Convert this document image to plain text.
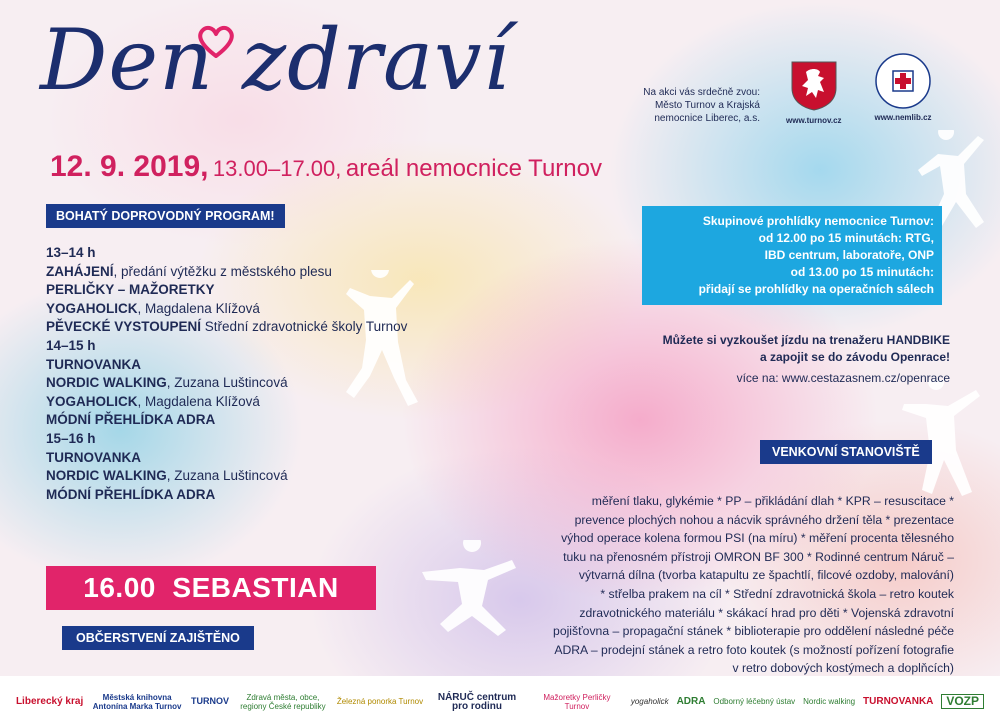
Den zdraví
12. 9. 2019, 13.00–17.00, areál nemocnice Turnov
Na akci vás srdečně zvou:
Město Turnov a Krajská
nemocnice Liberec, a.s.	www.turnov.cz	www.nemlib.cz
BOHATÝ DOPROVODNÝ PROGRAM!
13–14 h
ZAHÁJENÍ, předání výtěžku z městského plesu
PERLIČKY – MAŽORETKY
YOGAHOLICK, Magdalena Klížová
PĚVECKÉ VYSTOUPENÍ Střední zdravotnické školy Turnov
14–15 h
TURNOVANKA
NORDIC WALKING, Zuzana Luštincová
YOGAHOLICK, Magdalena Klížová
MÓDNÍ PŘEHLÍDKA ADRA
15–16 h
TURNOVANKA
NORDIC WALKING, Zuzana Luštincová
MÓDNÍ PŘEHLÍDKA ADRA
16.00  SEBASTIAN
OBČERSTVENÍ ZAJIŠTĚNO
Skupinové prohlídky nemocnice Turnov:
od 12.00 po 15 minutách: RTG,
IBD centrum, laboratoře, ONP
od 13.00 po 15 minutách:
přidají se prohlídky na operačních sálech
Můžete si vyzkoušet jízdu na trenažeru HANDBIKE
a zapojit se do závodu Openrace!
více na: www.cestazasnem.cz/openrace
VENKOVNÍ STANOVIŠTĚ
měření tlaku, glykémie * PP – přikládání dlah * KPR – resuscitace *
prevence plochých nohou a nácvik správného držení těla * prezentace
výhod operace kolena formou PSI (na míru) * měření procenta tělesného
tuku na přenosném přístroji OMRON BF 300 * Rodinné centrum Náruč –
výtvarná dílna (tvorba katapultu ze špachtlí, filcové ozdoby, malování)
* střelba prakem na cíl * Střední zdravotnická škola – retro koutek
zdravotnického materiálu * skákací hrad pro děti * Vojenská zdravotní
pojišťovna – propagační stánek * biblioterapie pro oddělení následné péče
ADRA – prodejní stánek a retro foto koutek (s možností pořízení fotografie
v retro dobových kostýmech a doplňcích)
Liberecký kraj	Městská knihovna Antonína Marka Turnov TURNOV	Zdravá města, obce, regiony České republiky	Železná ponorka Turnov	NÁRUČ centrum pro rodinu
Mažoretky Perličky Turnov	yogaholick ADRA Odborný léčebný ústav Nordic walking TURNOVANKA	VOZP
